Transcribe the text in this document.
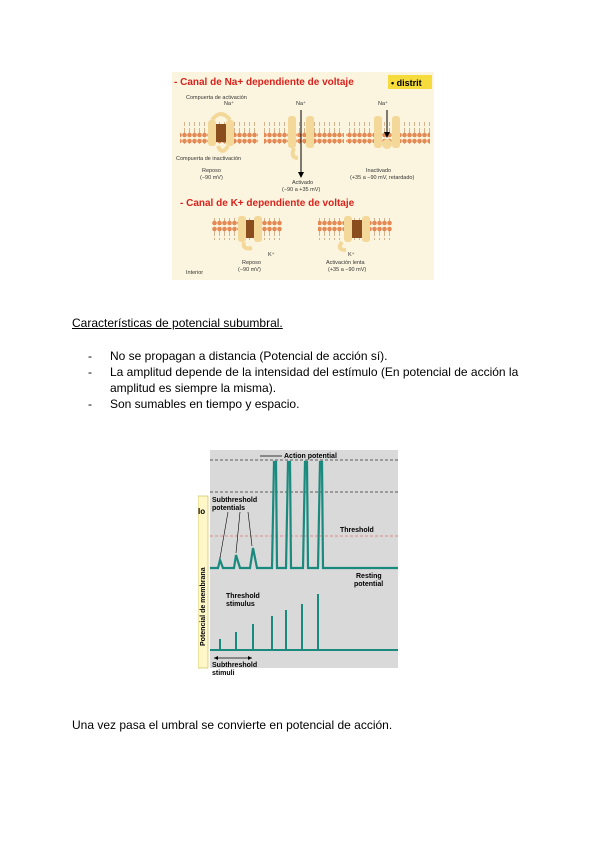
- Canal de Na+ dependiente de voltaje	• distrit
Compuerta de activación
Na⁺	Na⁺	Na⁺
Compuerta de inactivación
Reposo
(−90 mV)
Activado
(−90 a +35 mV)
Inactivado
(+35 a −90 mV, retardado)
- Canal de K+ dependiente de voltaje
K⁺	K⁺
Reposo
(−90 mV)
Activación lenta
(+35 a −90 mV)
Interior

Características de potencial subumbral.

- No se propagan a distancia (Potencial de acción sí).
- La amplitud depende de la intensidad del estímulo (En potencial de acción la amplitud es siempre la misma).
- Son sumables en tiempo y espacio.
Potencial de membrana
lo
Action potential
Subthreshold
potentials
Threshold
Resting
potential
Threshold
stimulus
Subthreshold
stimuli

Una vez pasa el umbral se convierte en potencial de acción.
